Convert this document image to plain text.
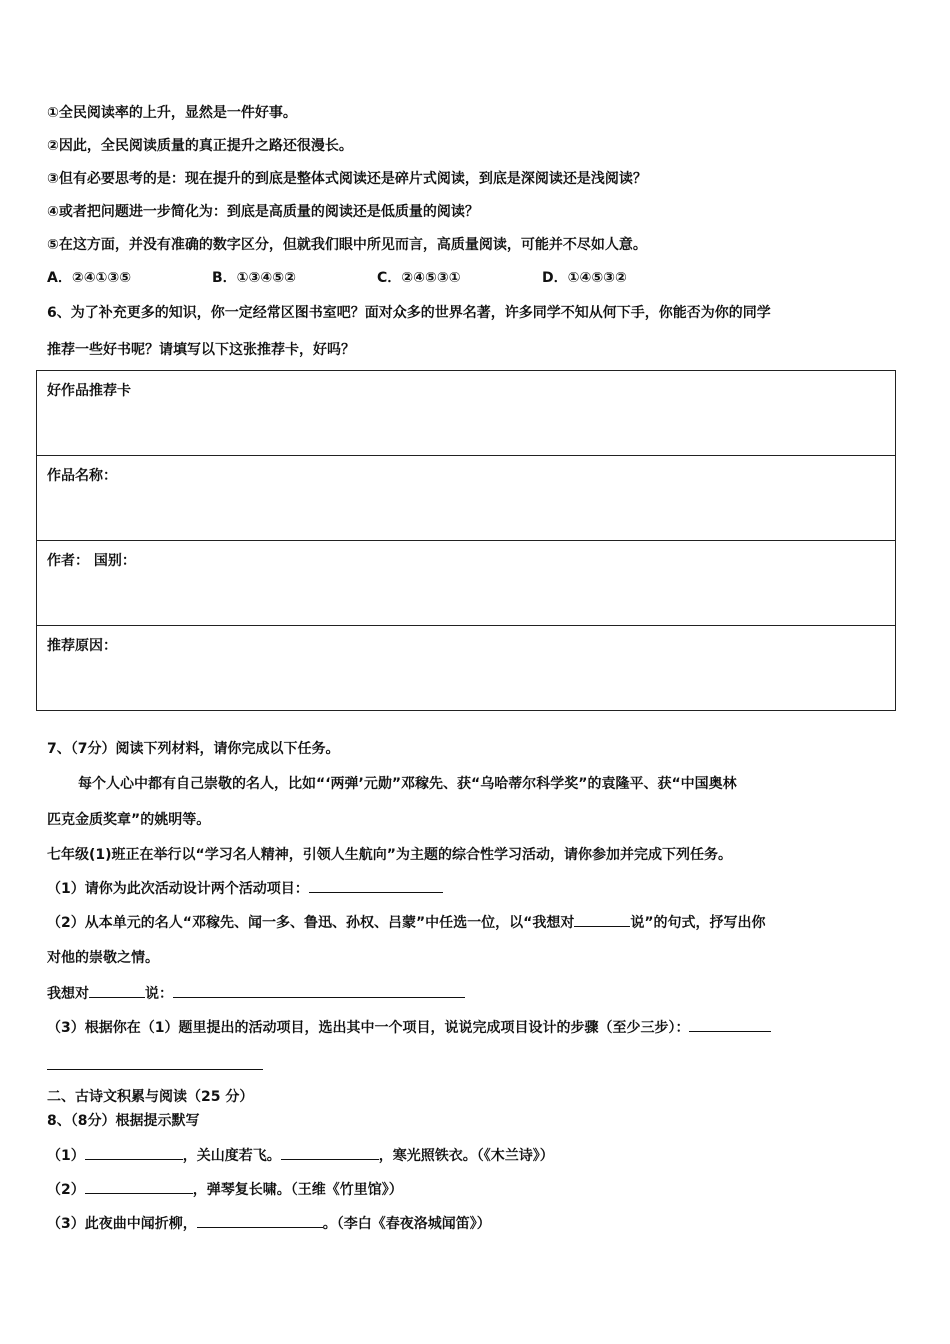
①全民阅读率的上升，显然是一件好事。
②因此，全民阅读质量的真正提升之路还很漫长。
③但有必要思考的是：现在提升的到底是整体式阅读还是碎片式阅读，到底是深阅读还是浅阅读？
④或者把问题进一步简化为：到底是高质量的阅读还是低质量的阅读？
⑤在这方面，并没有准确的数字区分，但就我们眼中所见而言，高质量阅读，可能并不尽如人意。
A．②④①③⑤	B．①③④⑤②	C．②④⑤③①	D．①④⑤③②
6、为了补充更多的知识，你一定经常区图书室吧？面对众多的世界名著，许多同学不知从何下手，你能否为你的同学
推荐一些好书呢？请填写以下这张推荐卡，好吗？
好作品推荐卡
作品名称：
作者： 国别：
推荐原因：
7、（7分）阅读下列材料，请你完成以下任务。
每个人心中都有自己崇敬的名人，比如“‘两弹’元勋”邓稼先、获“乌哈蒂尔科学奖”的袁隆平、获“中国奥林
匹克金质奖章”的姚明等。
七年级(1)班正在举行以“学习名人精神，引领人生航向”为主题的综合性学习活动，请你参加并完成下列任务。
（1）请你为此次活动设计两个活动项目：
（2）从本单元的名人“邓稼先、闻一多、鲁迅、孙权、吕蒙”中任选一位，以“我想对	说”的句式，抒写出你
对他的崇敬之情。
我想对	说：
（3）根据你在（1）题里提出的活动项目，选出其中一个项目，说说完成项目设计的步骤（至少三步）：
二、古诗文积累与阅读（25 分）
8、（8分）根据提示默写
（1）	，关山度若飞。	，寒光照铁衣。（《木兰诗》）
（2）	，弹琴复长啸。（王维《竹里馆》）
（3）此夜曲中闻折柳，	。（李白《春夜洛城闻笛》）
